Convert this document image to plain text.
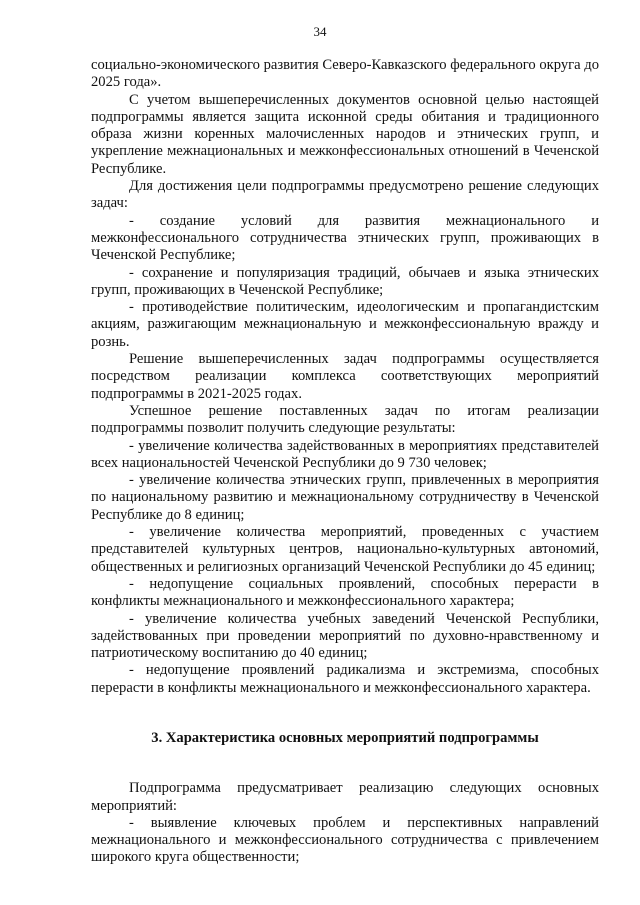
34

социально-экономического развития Северо-Кавказского федерального округа до 2025 года».

С учетом вышеперечисленных документов основной целью настоящей подпрограммы является защита исконной среды обитания и традиционного образа жизни коренных малочисленных народов и этнических групп, и укрепление межнациональных и межконфессиональных отношений в Чеченской Республике.

Для достижения цели подпрограммы предусмотрено решение следующих задач:

- создание условий для развития межнационального и межконфессионального сотрудничества этнических групп, проживающих в Чеченской Республике;

- сохранение и популяризация традиций, обычаев и языка этнических групп, проживающих в Чеченской Республике;

- противодействие политическим, идеологическим и пропагандистским акциям, разжигающим межнациональную и межконфессиональную вражду и рознь.

Решение вышеперечисленных задач подпрограммы осуществляется посредством реализации комплекса соответствующих мероприятий подпрограммы в 2021-2025 годах.

Успешное решение поставленных задач по итогам реализации подпрограммы позволит получить следующие результаты:

- увеличение количества задействованных в мероприятиях представителей всех национальностей Чеченской Республики до 9 730 человек;

- увеличение количества этнических групп, привлеченных в мероприятия по национальному развитию и межнациональному сотрудничеству в Чеченской Республике до 8 единиц;

- увеличение количества мероприятий, проведенных с участием представителей культурных центров, национально-культурных автономий, общественных и религиозных организаций Чеченской Республики до 45 единиц;

- недопущение социальных проявлений, способных перерасти в конфликты межнационального и межконфессионального характера;

- увеличение количества учебных заведений Чеченской Республики, задействованных при проведении мероприятий по духовно-нравственному и патриотическому воспитанию до 40 единиц;

- недопущение проявлений радикализма и экстремизма, способных перерасти в конфликты межнационального и межконфессионального характера.

3. Характеристика основных мероприятий подпрограммы

Подпрограмма предусматривает реализацию следующих основных мероприятий:

- выявление ключевых проблем и перспективных направлений межнационального и межконфессионального сотрудничества с привлечением широкого круга общественности;
